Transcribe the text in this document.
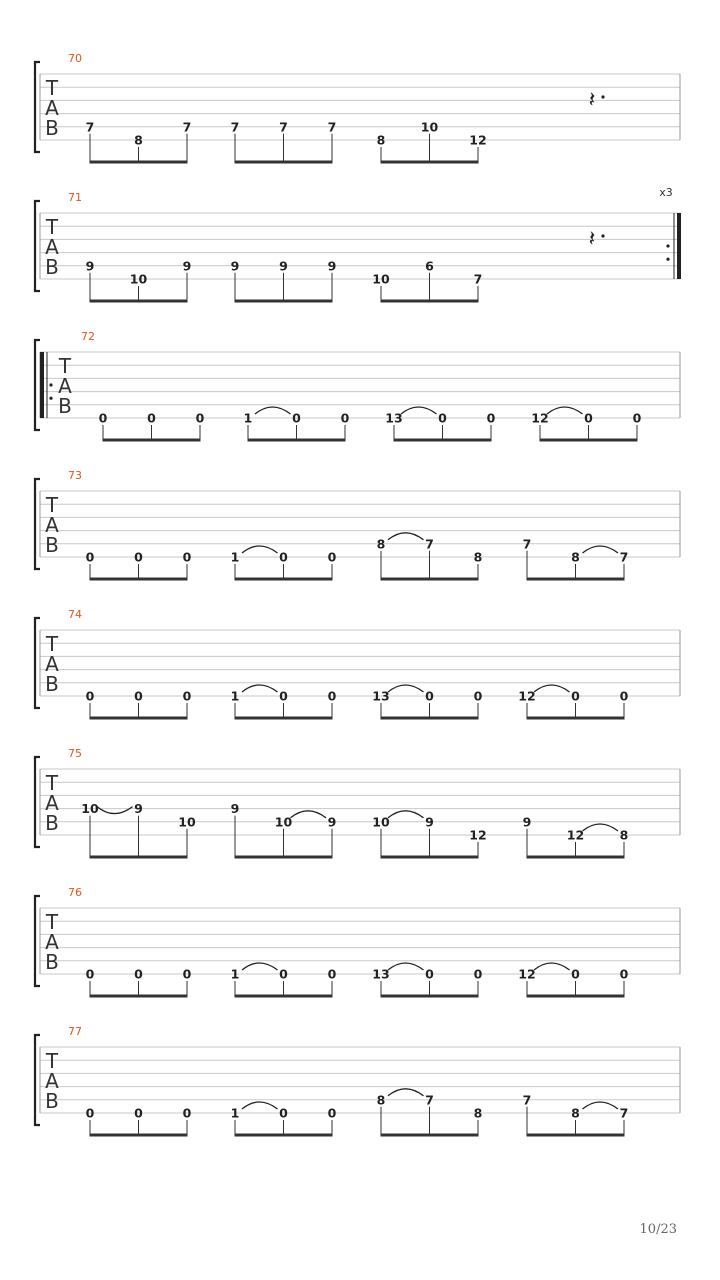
T
A
B
70
𝄽
7
8
7	7	7	7
8
10
12
T
A
B
71	x3
𝄽
9
10
9	9	9	9
10
6
7
T
A
B
72
0	0	0	1	0	0	13	0	0	12	0	0
T
A
B
73
0	0	0	1	0	0
8	7
8
7
8	7
T
A
B
74
0	0	0	1	0	0	13	0	0	12	0	0
T
A
B
75
10	9
10
9
10	9	10	9
12
9
12	8
T
A
B
76
0	0	0	1	0	0	13	0	0	12	0	0
T
A
B
77
0	0	0	1	0	0
8	7
8
7
8	7
10/23
